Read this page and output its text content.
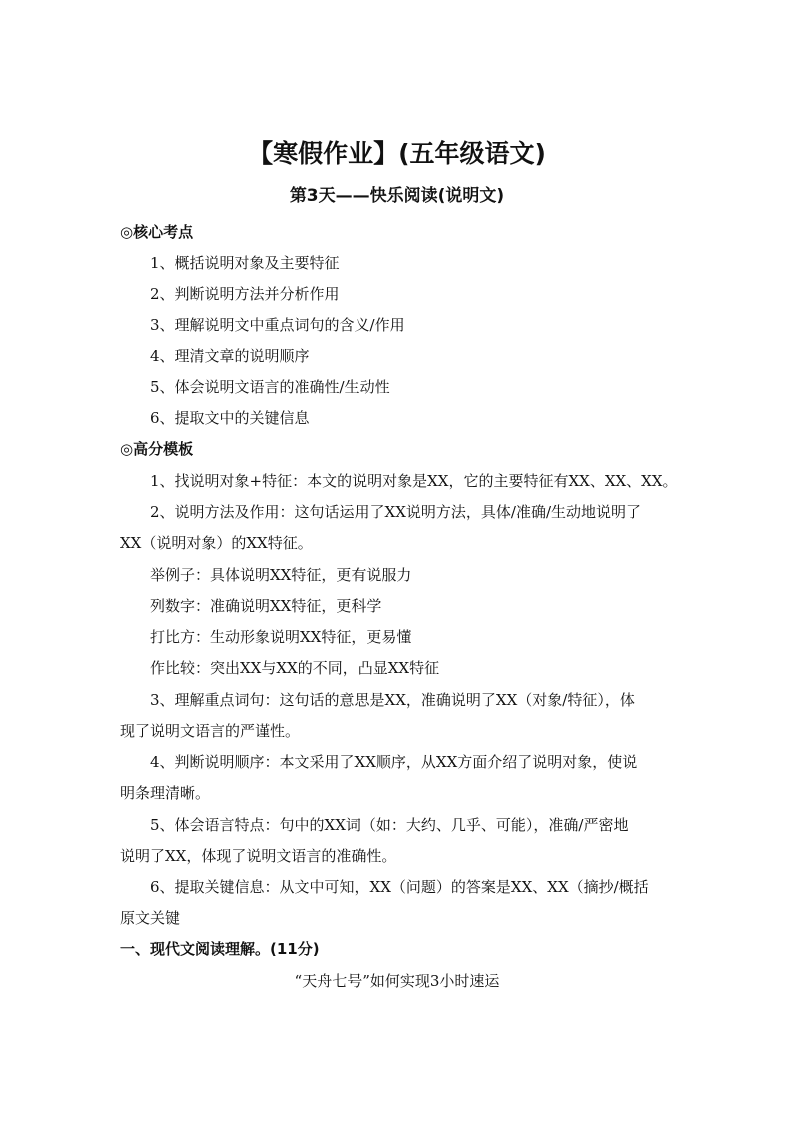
【寒假作业】(五年级语文)
第3天——快乐阅读(说明文)
◎核心考点
1、概括说明对象及主要特征
2、判断说明方法并分析作用
3、理解说明文中重点词句的含义/作用
4、理清文章的说明顺序
5、体会说明文语言的准确性/生动性
6、提取文中的关键信息
◎高分模板
1、找说明对象+特征：本文的说明对象是XX，它的主要特征有XX、XX、XX。
2、说明方法及作用：这句话运用了XX说明方法，具体/准确/生动地说明了
XX（说明对象）的XX特征。
举例子：具体说明XX特征，更有说服力
列数字：准确说明XX特征，更科学
打比方：生动形象说明XX特征，更易懂
作比较：突出XX与XX的不同，凸显XX特征
3、理解重点词句：这句话的意思是XX，准确说明了XX（对象/特征），体
现了说明文语言的严谨性。
4、判断说明顺序：本文采用了XX顺序，从XX方面介绍了说明对象，使说
明条理清晰。
5、体会语言特点：句中的XX词（如：大约、几乎、可能），准确/严密地
说明了XX，体现了说明文语言的准确性。
6、提取关键信息：从文中可知，XX（问题）的答案是XX、XX（摘抄/概括
原文关键
一、现代文阅读理解。(11分)
“天舟七号”如何实现3小时速运
